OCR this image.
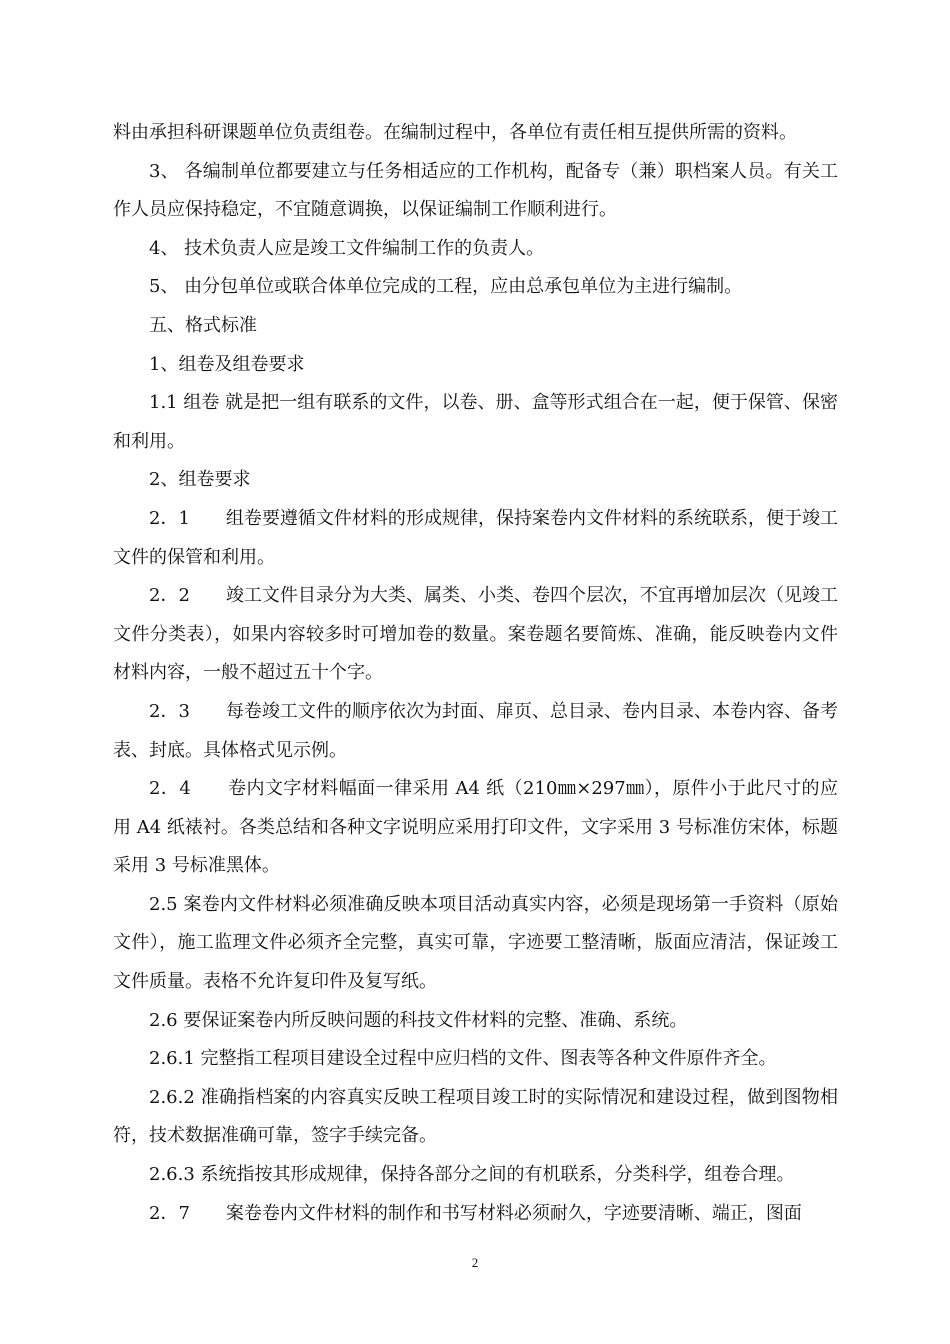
料由承担科研课题单位负责组卷。在编制过程中，各单位有责任相互提供所需的资料。

3、 各编制单位都要建立与任务相适应的工作机构，配备专（兼）职档案人员。有关工作人员应保持稳定，不宜随意调换，以保证编制工作顺利进行。

4、 技术负责人应是竣工文件编制工作的负责人。

5、 由分包单位或联合体单位完成的工程，应由总承包单位为主进行编制。

五、格式标准

1、组卷及组卷要求

1.1 组卷 就是把一组有联系的文件，以卷、册、盒等形式组合在一起，便于保管、保密和利用。

2、组卷要求

2．1　　组卷要遵循文件材料的形成规律，保持案卷内文件材料的系统联系，便于竣工文件的保管和利用。

2．2　　竣工文件目录分为大类、属类、小类、卷四个层次，不宜再增加层次（见竣工文件分类表），如果内容较多时可增加卷的数量。案卷题名要简炼、准确，能反映卷内文件材料内容，一般不超过五十个字。

2．3　　每卷竣工文件的顺序依次为封面、扉页、总目录、卷内目录、本卷内容、备考表、封底。具体格式见示例。

2．4　　卷内文字材料幅面一律采用 A4 纸（210㎜×297㎜），原件小于此尺寸的应用 A4 纸裱衬。各类总结和各种文字说明应采用打印文件，文字采用 3 号标准仿宋体，标题采用 3 号标准黑体。

2.5 案卷内文件材料必须准确反映本项目活动真实内容，必须是现场第一手资料（原始文件），施工监理文件必须齐全完整，真实可靠，字迹要工整清晰，版面应清洁，保证竣工文件质量。表格不允许复印件及复写纸。

2.6 要保证案卷内所反映问题的科技文件材料的完整、准确、系统。

2.6.1 完整指工程项目建设全过程中应归档的文件、图表等各种文件原件齐全。

2.6.2 准确指档案的内容真实反映工程项目竣工时的实际情况和建设过程，做到图物相符，技术数据准确可靠，签字手续完备。

2.6.3 系统指按其形成规律，保持各部分之间的有机联系，分类科学，组卷合理。

2．7　　案卷卷内文件材料的制作和书写材料必须耐久，字迹要清晰、端正，图面

2
